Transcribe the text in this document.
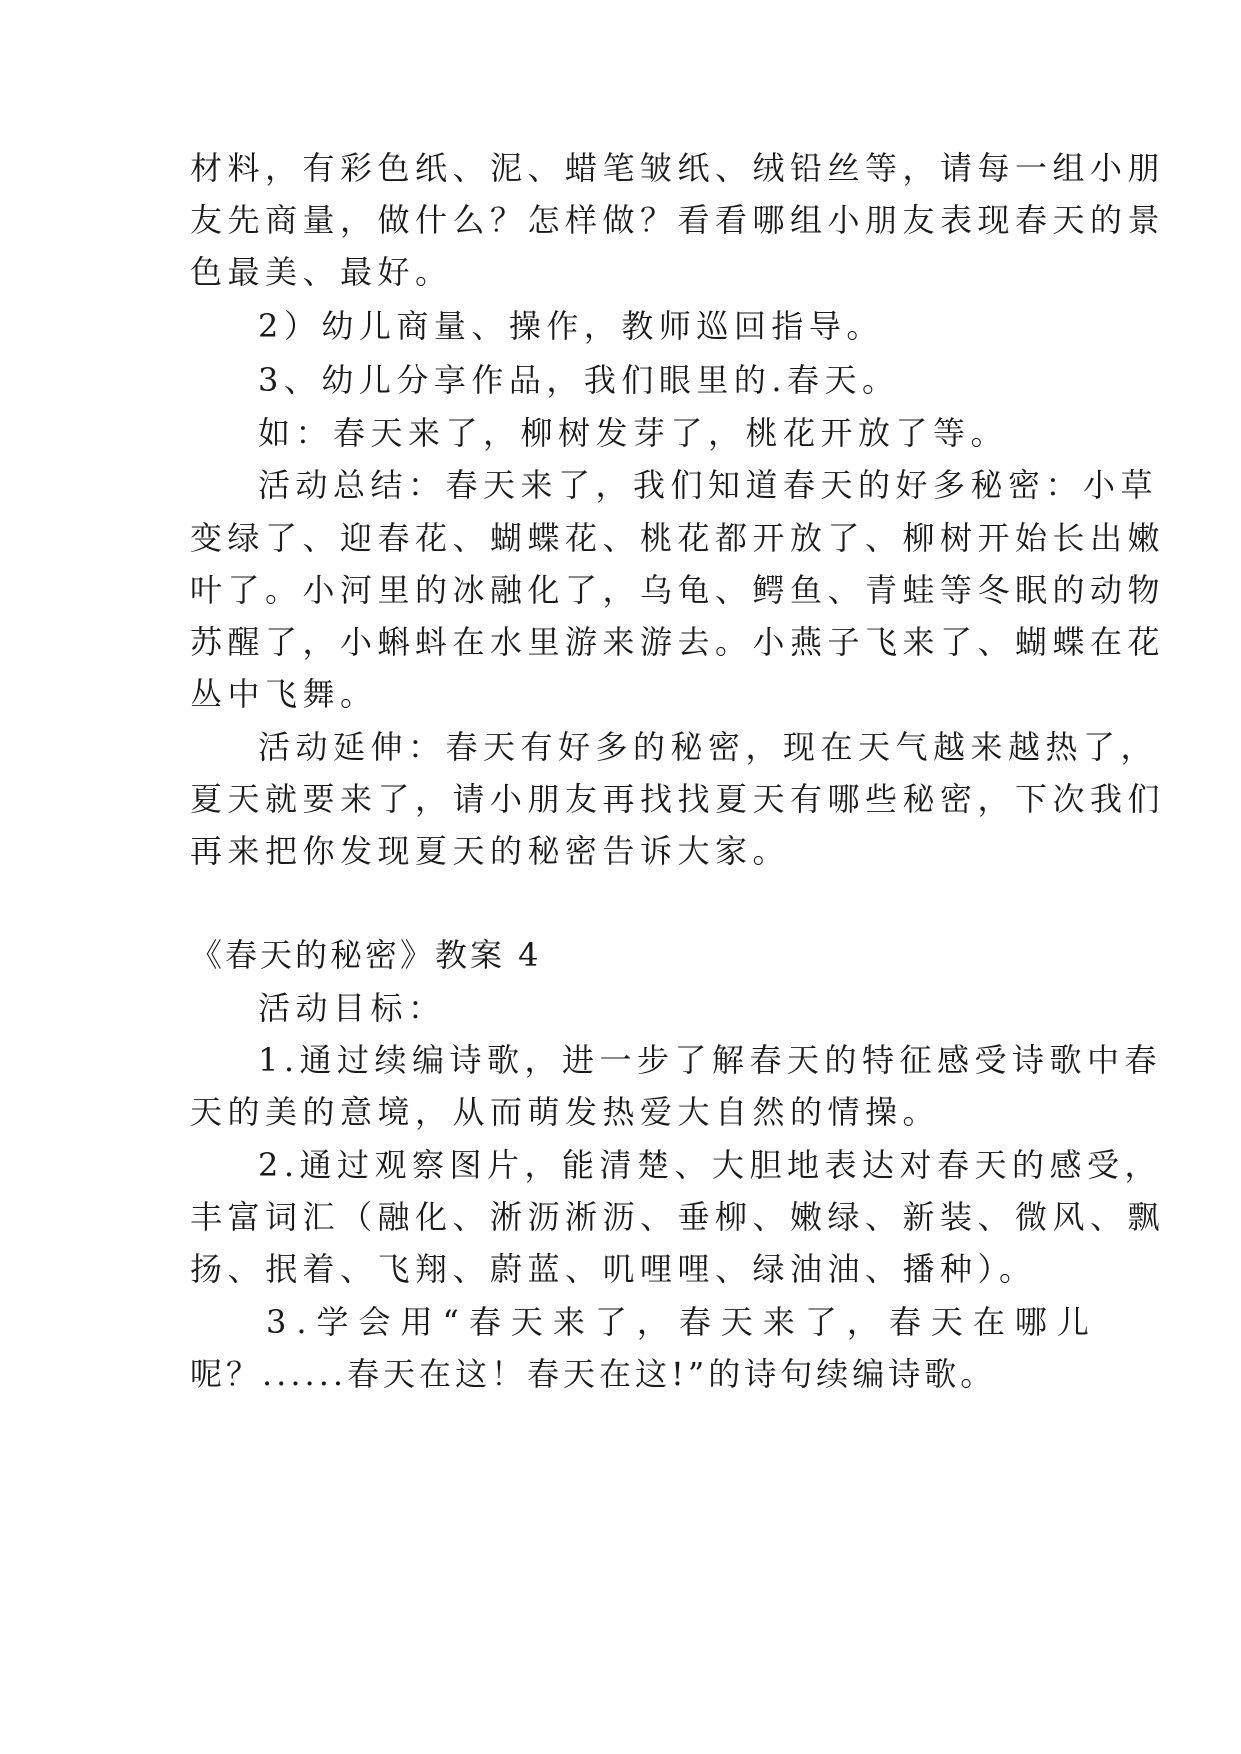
材料，有彩色纸、泥、蜡笔皱纸、绒铅丝等，请每一组小朋
友先商量，做什么？怎样做？看看哪组小朋友表现春天的景
色最美、最好。
2）幼儿商量、操作，教师巡回指导。
3、幼儿分享作品，我们眼里的.春天。
如：春天来了，柳树发芽了，桃花开放了等。
活动总结：春天来了，我们知道春天的好多秘密：小草
变绿了、迎春花、蝴蝶花、桃花都开放了、柳树开始长出嫩
叶了。小河里的冰融化了，乌龟、鳄鱼、青蛙等冬眠的动物
苏醒了，小蝌蚪在水里游来游去。小燕子飞来了、蝴蝶在花
丛中飞舞。
活动延伸：春天有好多的秘密，现在天气越来越热了，
夏天就要来了，请小朋友再找找夏天有哪些秘密，下次我们
再来把你发现夏天的秘密告诉大家。
《春天的秘密》教案 4
活动目标：
1.通过续编诗歌，进一步了解春天的特征感受诗歌中春
天的美的意境，从而萌发热爱大自然的情操。
2.通过观察图片，能清楚、大胆地表达对春天的感受，
丰富词汇（融化、淅沥淅沥、垂柳、嫩绿、新装、微风、飘
扬、抿着、飞翔、蔚蓝、叽哩哩、绿油油、播种）。
3.学会用“春天来了，春天来了，春天在哪儿
呢？......春天在这！春天在这!”的诗句续编诗歌。
